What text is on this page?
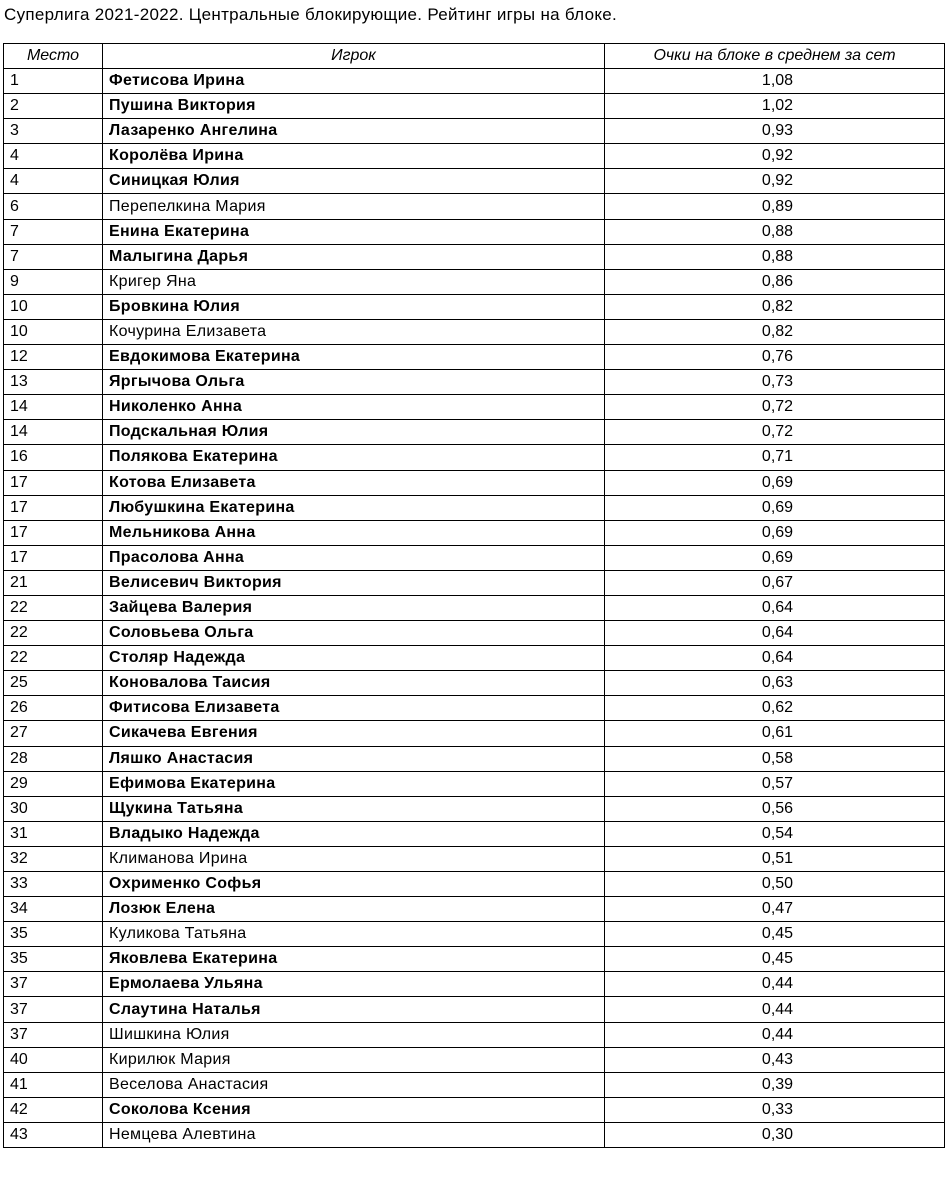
Суперлига 2021-2022. Центральные блокирующие. Рейтинг игры на блоке.
Место	Игрок	Очки на блоке в среднем за сет
1	Фетисова Ирина	1,08
2	Пушина Виктория	1,02
3	Лазаренко Ангелина	0,93
4	Королёва Ирина	0,92
4	Синицкая Юлия	0,92
6	Перепелкина Мария	0,89
7	Енина Екатерина	0,88
7	Малыгина Дарья	0,88
9	Кригер Яна	0,86
10	Бровкина Юлия	0,82
10	Кочурина Елизавета	0,82
12	Евдокимова Екатерина	0,76
13	Яргычова Ольга	0,73
14	Николенко Анна	0,72
14	Подскальная Юлия	0,72
16	Полякова Екатерина	0,71
17	Котова Елизавета	0,69
17	Любушкина Екатерина	0,69
17	Мельникова Анна	0,69
17	Прасолова Анна	0,69
21	Велисевич Виктория	0,67
22	Зайцева Валерия	0,64
22	Соловьева Ольга	0,64
22	Столяр Надежда	0,64
25	Коновалова Таисия	0,63
26	Фитисова Елизавета	0,62
27	Сикачева Евгения	0,61
28	Ляшко Анастасия	0,58
29	Ефимова Екатерина	0,57
30	Щукина Татьяна	0,56
31	Владыко Надежда	0,54
32	Климанова Ирина	0,51
33	Охрименко Софья	0,50
34	Лозюк Елена	0,47
35	Куликова Татьяна	0,45
35	Яковлева Екатерина	0,45
37	Ермолаева Ульяна	0,44
37	Слаутина Наталья	0,44
37	Шишкина Юлия	0,44
40	Кирилюк Мария	0,43
41	Веселова Анастасия	0,39
42	Соколова Ксения	0,33
43	Немцева Алевтина	0,30
